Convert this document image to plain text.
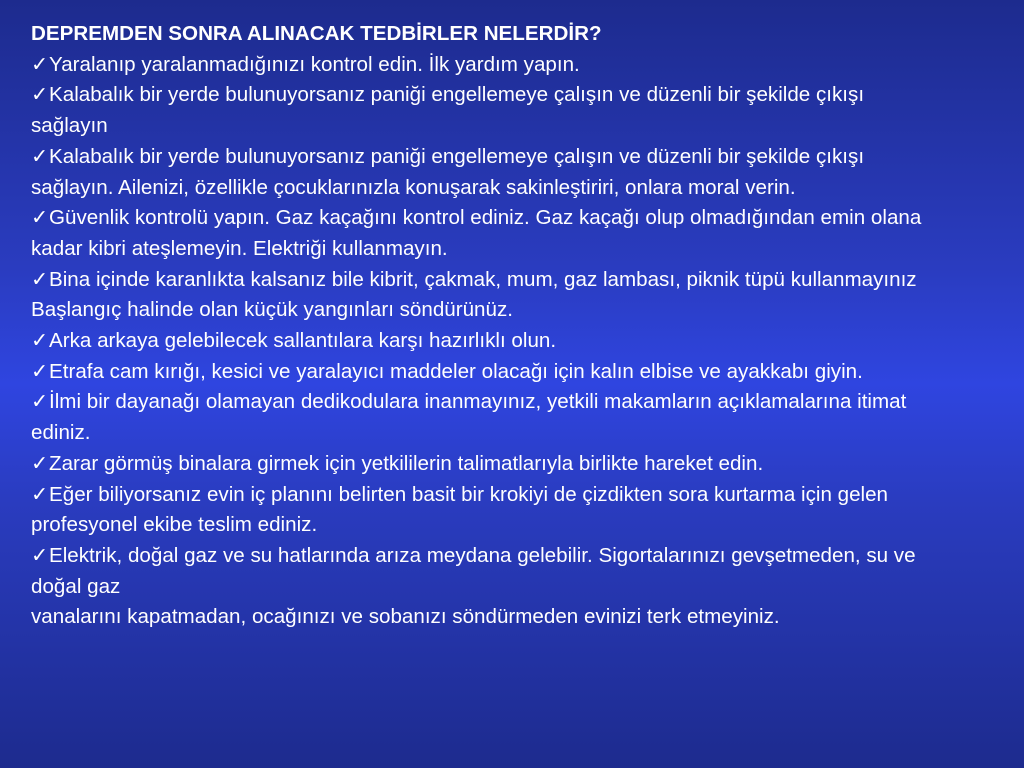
DEPREMDEN SONRA ALINACAK TEDBİRLER NELERDİR?
✓Yaralanıp yaralanmadığınızı kontrol edin. İlk yardım yapın.
✓Kalabalık bir yerde bulunuyorsanız paniği engellemeye çalışın ve düzenli bir şekilde çıkışı sağlayın
✓Kalabalık bir yerde bulunuyorsanız paniği engellemeye çalışın ve düzenli bir şekilde çıkışı sağlayın. Ailenizi, özellikle çocuklarınızla konuşarak sakinleştiriri, onlara moral verin.
✓Güvenlik kontrolü yapın. Gaz kaçağını kontrol ediniz. Gaz kaçağı olup olmadığından emin olana kadar kibri ateşlemeyin. Elektriği kullanmayın.
✓Bina içinde karanlıkta kalsanız bile kibrit, çakmak, mum, gaz lambası, piknik tüpü kullanmayınız Başlangıç halinde olan küçük yangınları söndürünüz.
✓Arka arkaya gelebilecek sallantılara karşı hazırlıklı olun.
✓Etrafa cam kırığı, kesici ve yaralayıcı maddeler olacağı için kalın elbise ve ayakkabı giyin.
✓İlmi bir dayanağı olamayan dedikodulara inanmayınız, yetkili makamların açıklamalarına itimat ediniz.
✓Zarar görmüş binalara girmek için yetkililerin talimatlarıyla birlikte hareket edin.
✓Eğer biliyorsanız evin iç planını belirten basit bir krokiyi de çizdikten sora kurtarma için gelen profesyonel ekibe teslim ediniz.
✓Elektrik, doğal gaz ve su hatlarında arıza meydana gelebilir. Sigortalarınızı gevşetmeden, su ve doğal gaz
vanalarını kapatmadan, ocağınızı ve sobanızı söndürmeden evinizi terk etmeyiniz.
